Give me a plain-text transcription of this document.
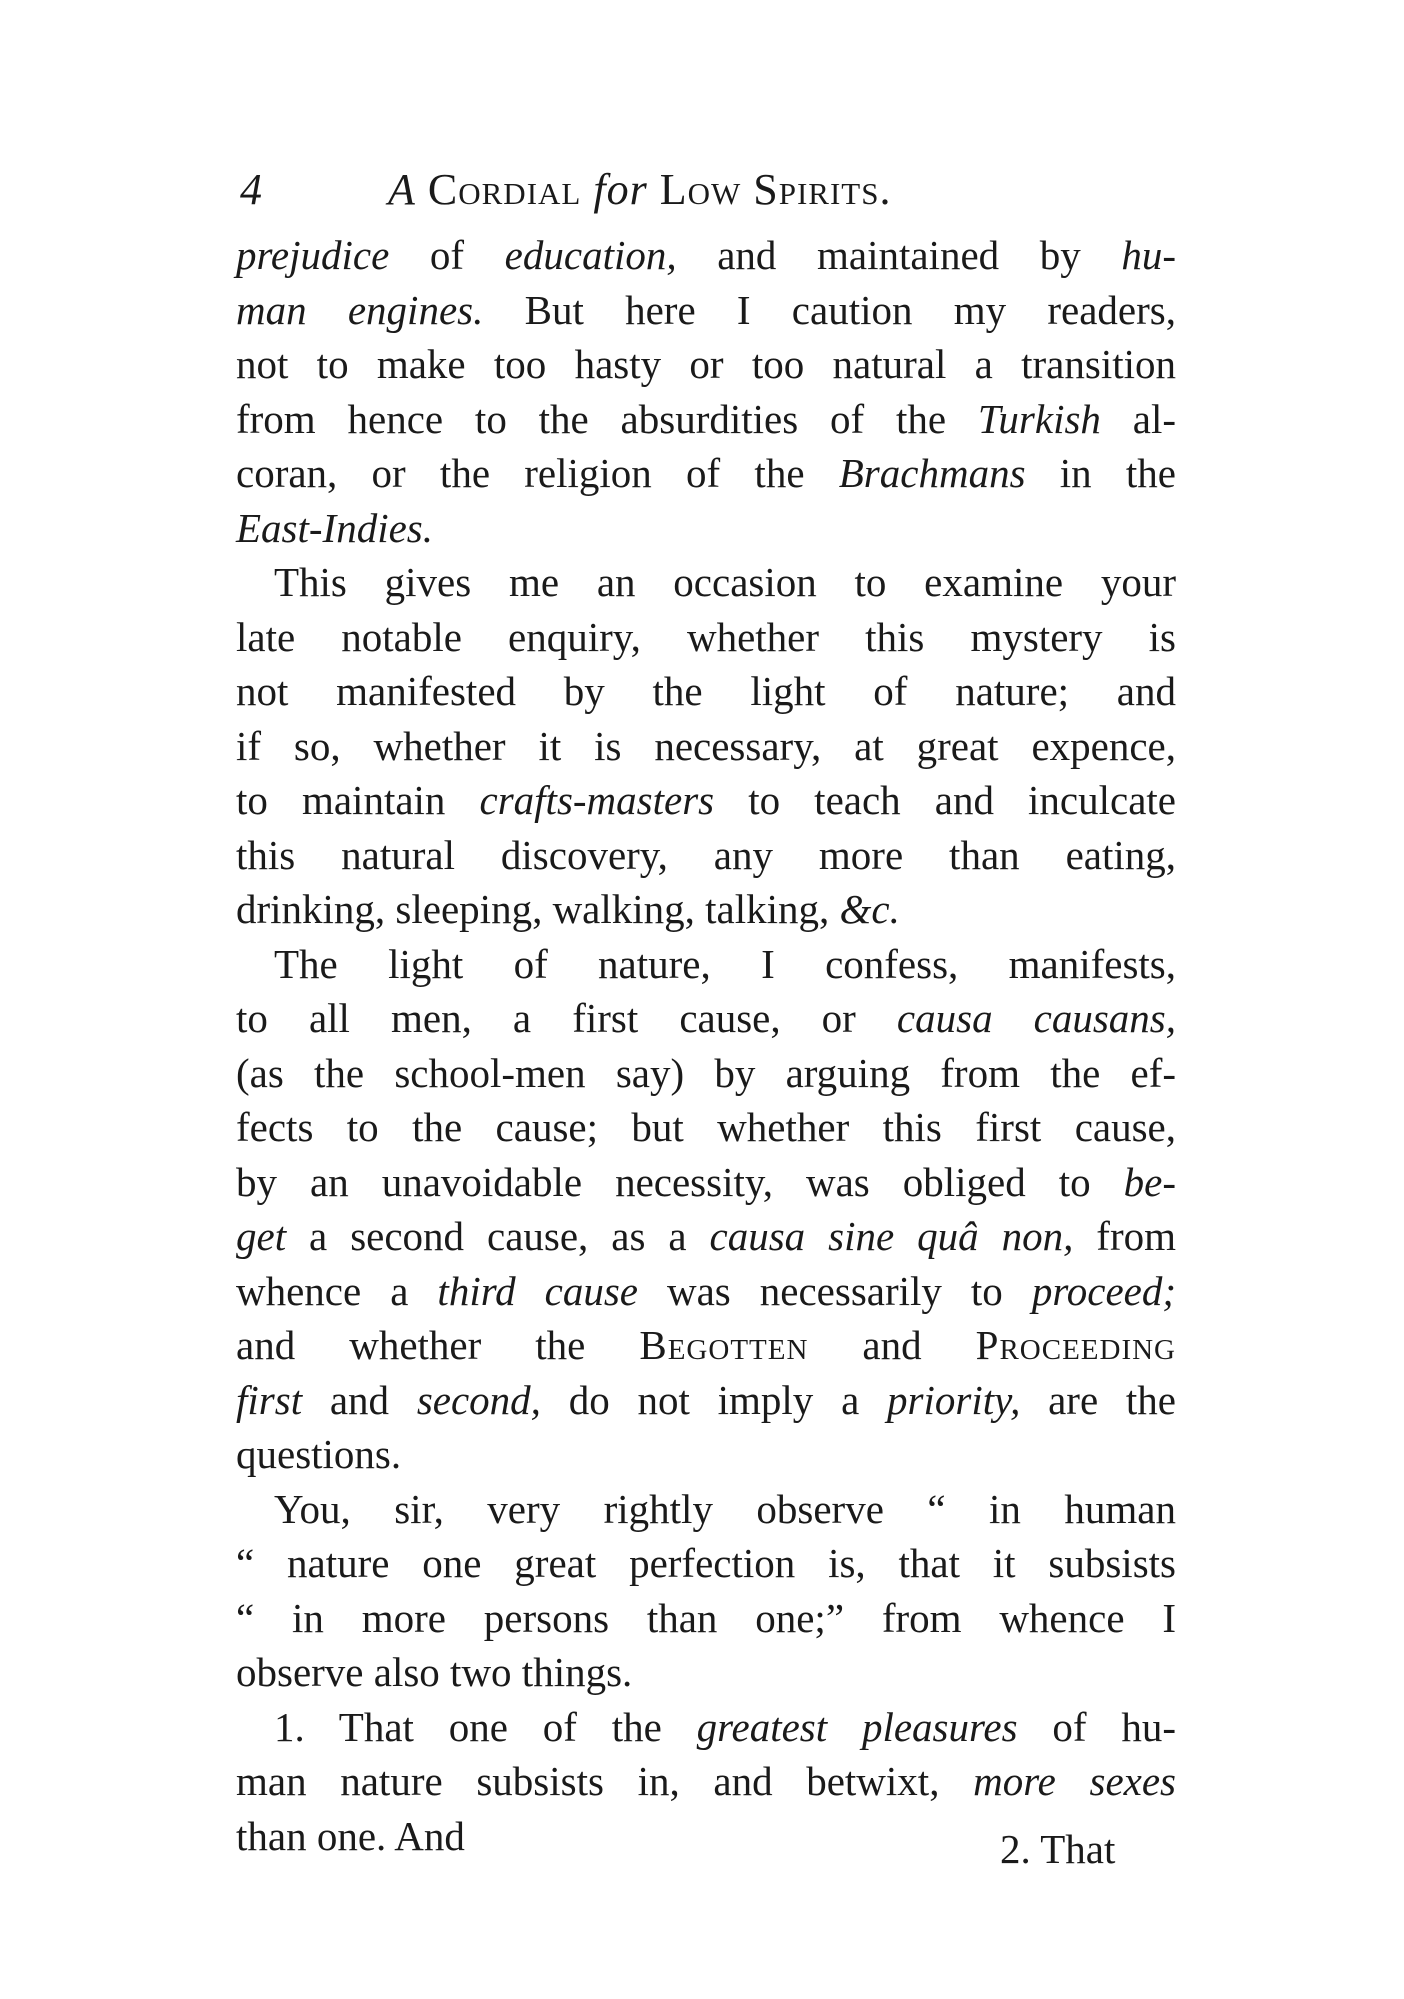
4	A Cordial for Low Spirits.
prejudice of education, and maintained by hu-
man engines. But here I caution my readers,
not to make too hasty or too natural a transition
from hence to the absurdities of the Turkish al-
coran, or the religion of the Brachmans in the
East-Indies.
This gives me an occasion to examine your
late notable enquiry, whether this mystery is
not manifested by the light of nature; and
if so, whether it is necessary, at great expence,
to maintain crafts-masters to teach and inculcate
this natural discovery, any more than eating,
drinking, sleeping, walking, talking, &c.
The light of nature, I confess, manifests,
to all men, a first cause, or causa causans,
(as the school-men say) by arguing from the ef-
fects to the cause; but whether this first cause,
by an unavoidable necessity, was obliged to be-
get a second cause, as a causa sine quâ non, from
whence a third cause was necessarily to proceed;
and whether the Begotten and Proceeding
first and second, do not imply a priority, are the
questions.
You, sir, very rightly observe “ in human
“ nature one great perfection is, that it subsists
“ in more persons than one;” from whence I
observe also two things.
1. That one of the greatest pleasures of hu-
man nature subsists in, and betwixt, more sexes
than one. And	2. That
